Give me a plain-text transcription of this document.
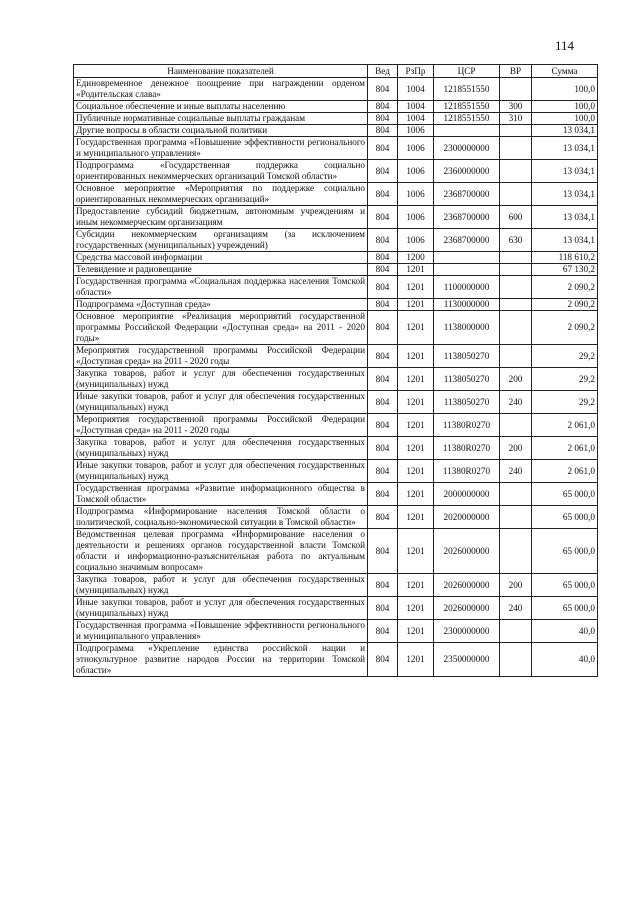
114
Наименование показателей	Вед	РзПр	ЦСР	ВР	Сумма
Единовременное денежное поощрение при награждении орденом «Родительская слава»	804	1004	1218551550		100,0
Социальное обеспечение и иные выплаты населению	804	1004	1218551550	300	100,0
Публичные нормативные социальные выплаты гражданам	804	1004	1218551550	310	100,0
Другие вопросы в области социальной политики	804	1006			13 034,1
Государственная программа «Повышение эффективности регионального и муниципального управления»	804	1006	2300000000		13 034,1
Подпрограмма «Государственная поддержка социально ориентированных некоммерческих организаций Томской области»	804	1006	2360000000		13 034,1
Основное мероприятие «Мероприятия по поддержке социально ориентированных некоммерческих организаций»	804	1006	2368700000		13 034,1
Предоставление субсидий бюджетным, автономным учреждениям и иным некоммерческим организациям	804	1006	2368700000	600	13 034,1
Субсидии некоммерческим организациям (за исключением государственных (муниципальных) учреждений)	804	1006	2368700000	630	13 034,1
Средства массовой информации	804	1200			118 610,2
Телевидение и радиовещание	804	1201			67 130,2
Государственная программа «Социальная поддержка населения Томской области»	804	1201	1100000000		2 090,2
Подпрограмма «Доступная среда»	804	1201	1130000000		2 090,2
Основное мероприятие «Реализация мероприятий государственной программы Российской Федерации «Доступная среда» на 2011 - 2020 годы»	804	1201	1138000000		2 090,2
Мероприятия государственной программы Российской Федерации «Доступная среда» на 2011 - 2020 годы	804	1201	1138050270		29,2
Закупка товаров, работ и услуг для обеспечения государственных (муниципальных) нужд	804	1201	1138050270	200	29,2
Иные закупки товаров, работ и услуг для обеспечения государственных (муниципальных) нужд	804	1201	1138050270	240	29,2
Мероприятия государственной программы Российской Федерации «Доступная среда» на 2011 - 2020 годы	804	1201	11380R0270		2 061,0
Закупка товаров, работ и услуг для обеспечения государственных (муниципальных) нужд	804	1201	11380R0270	200	2 061,0
Иные закупки товаров, работ и услуг для обеспечения государственных (муниципальных) нужд	804	1201	11380R0270	240	2 061,0
Государственная программа «Развитие информационного общества в Томской области»	804	1201	2000000000		65 000,0
Подпрограмма «Информирование населения Томской области о политической, социально-экономической ситуации в Томской области»	804	1201	2020000000		65 000,0
Ведомственная целевая программа «Информирование населения о деятельности и решениях органов государственной власти Томской области и информационно-разъяснительная работа по актуальным социально значимым вопросам»	804	1201	2026000000		65 000,0
Закупка товаров, работ и услуг для обеспечения государственных (муниципальных) нужд	804	1201	2026000000	200	65 000,0
Иные закупки товаров, работ и услуг для обеспечения государственных (муниципальных) нужд	804	1201	2026000000	240	65 000,0
Государственная программа «Повышение эффективности регионального и муниципального управления»	804	1201	2300000000		40,0
Подпрограмма «Укрепление единства российской нации и этнокультурное развитие народов России на территории Томской области»	804	1201	2350000000		40,0
